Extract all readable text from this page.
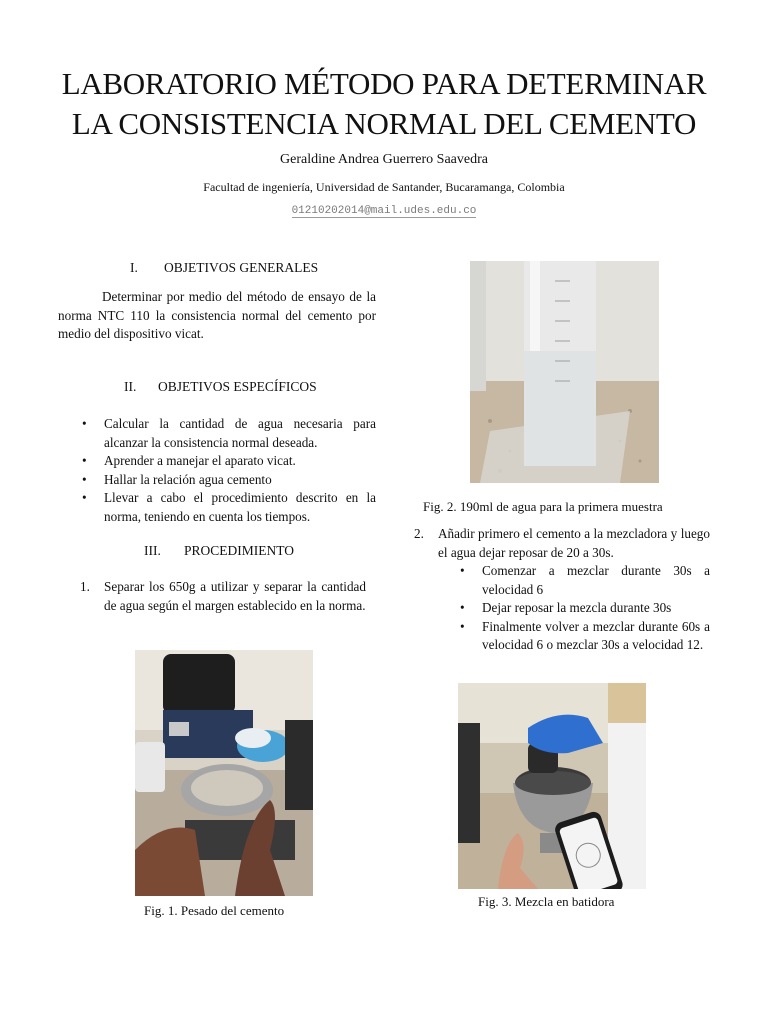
LABORATORIO MÉTODO PARA DETERMINAR
LA CONSISTENCIA NORMAL DEL CEMENTO
Geraldine Andrea Guerrero Saavedra
Facultad de ingeniería, Universidad de Santander, Bucaramanga, Colombia
01210202014@mail.udes.edu.co
I. OBJETIVOS GENERALES
Determinar por medio del método de ensayo de la norma NTC 110 la consistencia normal del cemento por medio del dispositivo vicat.
II. OBJETIVOS ESPECÍFICOS
•	Calcular la cantidad de agua necesaria para alcanzar la consistencia normal deseada.
•	Aprender a manejar el aparato vicat.
•	Hallar la relación agua cemento
•	Llevar a cabo el procedimiento descrito en la norma, teniendo en cuenta los tiempos.
III. PROCEDIMIENTO
1. Separar los 650g a utilizar y separar la cantidad de agua según el margen establecido en la norma.
Fig. 1. Pesado del cemento
Fig. 2. 190ml de agua para la primera muestra
2. Añadir primero el cemento a la mezcladora y luego el agua dejar reposar de 20 a 30s.
•	Comenzar a mezclar durante 30s a velocidad 6
•	Dejar reposar la mezcla durante 30s
•	Finalmente volver a mezclar durante 60s a velocidad 6 o mezclar 30s a velocidad 12.
Fig. 3. Mezcla en batidora
